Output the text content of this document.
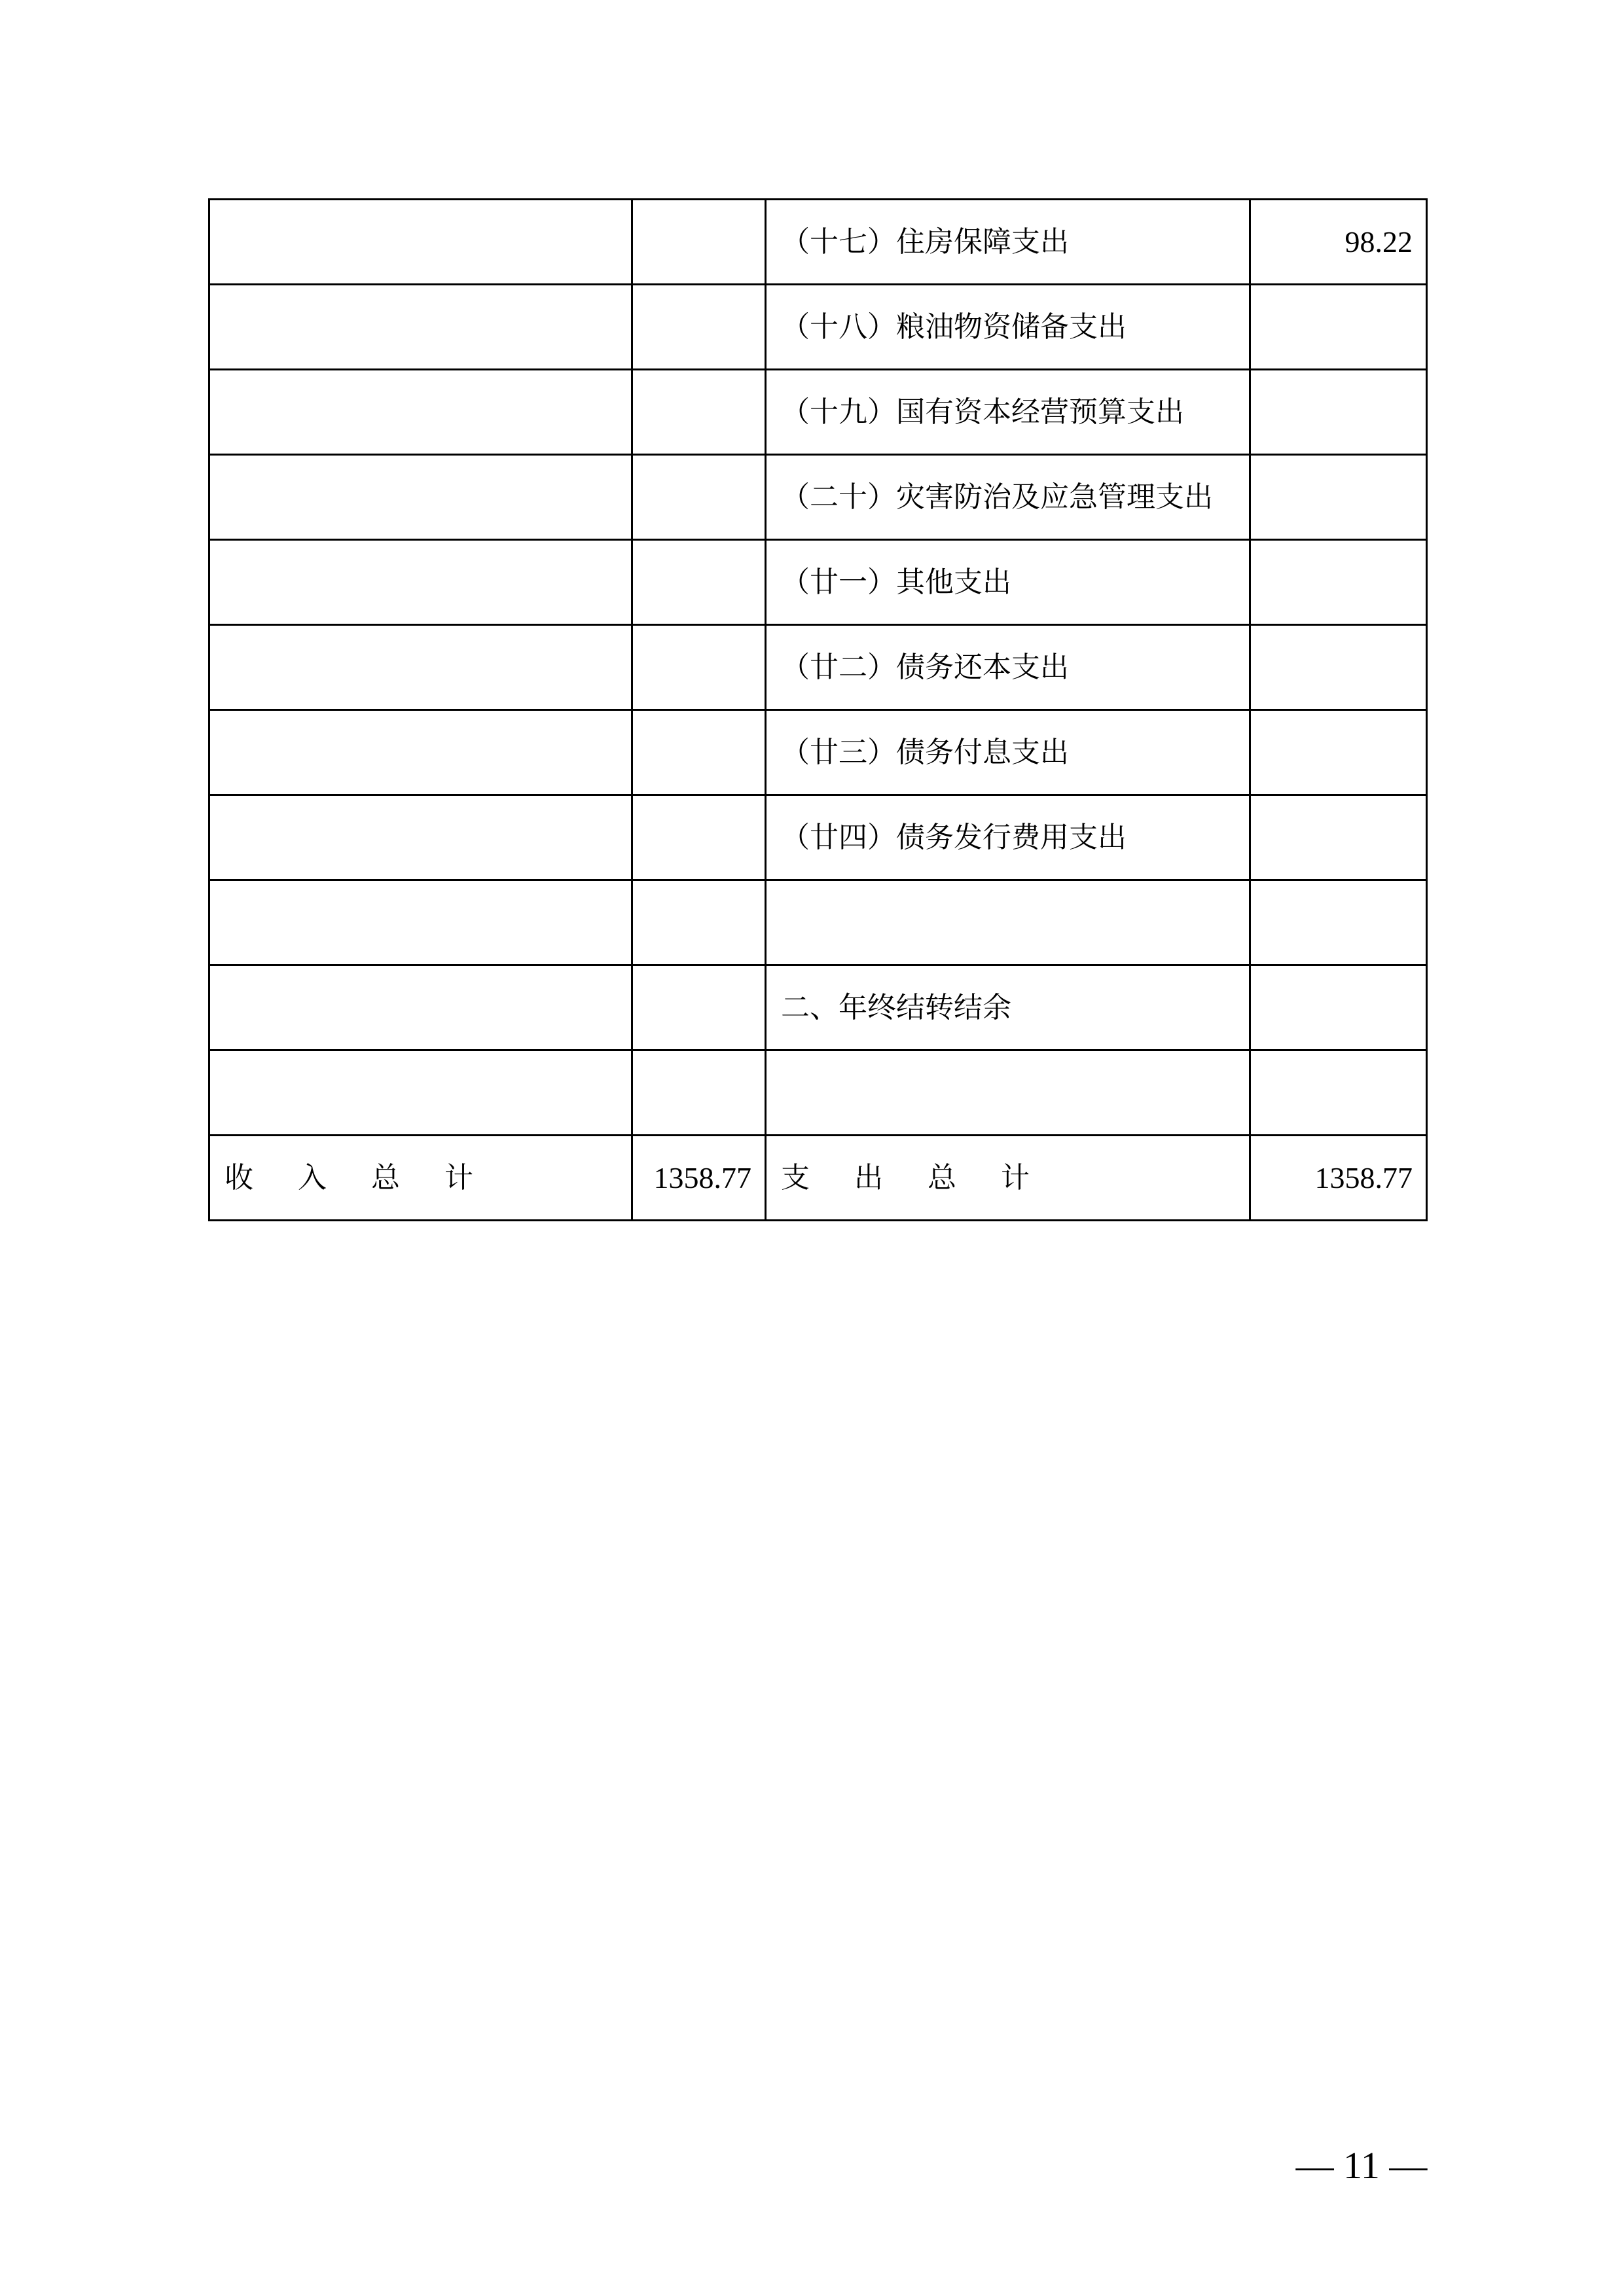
		（十七）住房保障支出	98.22
		（十八）粮油物资储备支出	
		（十九）国有资本经营预算支出	
		（二十）灾害防治及应急管理支出	
		（廿一）其他支出	
		（廿二）债务还本支出	
		（廿三）债务付息支出	
		（廿四）债务发行费用支出	

		二、年终结转结余	

收入总计	1358.77	支出总计	1358.77
— 11 —
